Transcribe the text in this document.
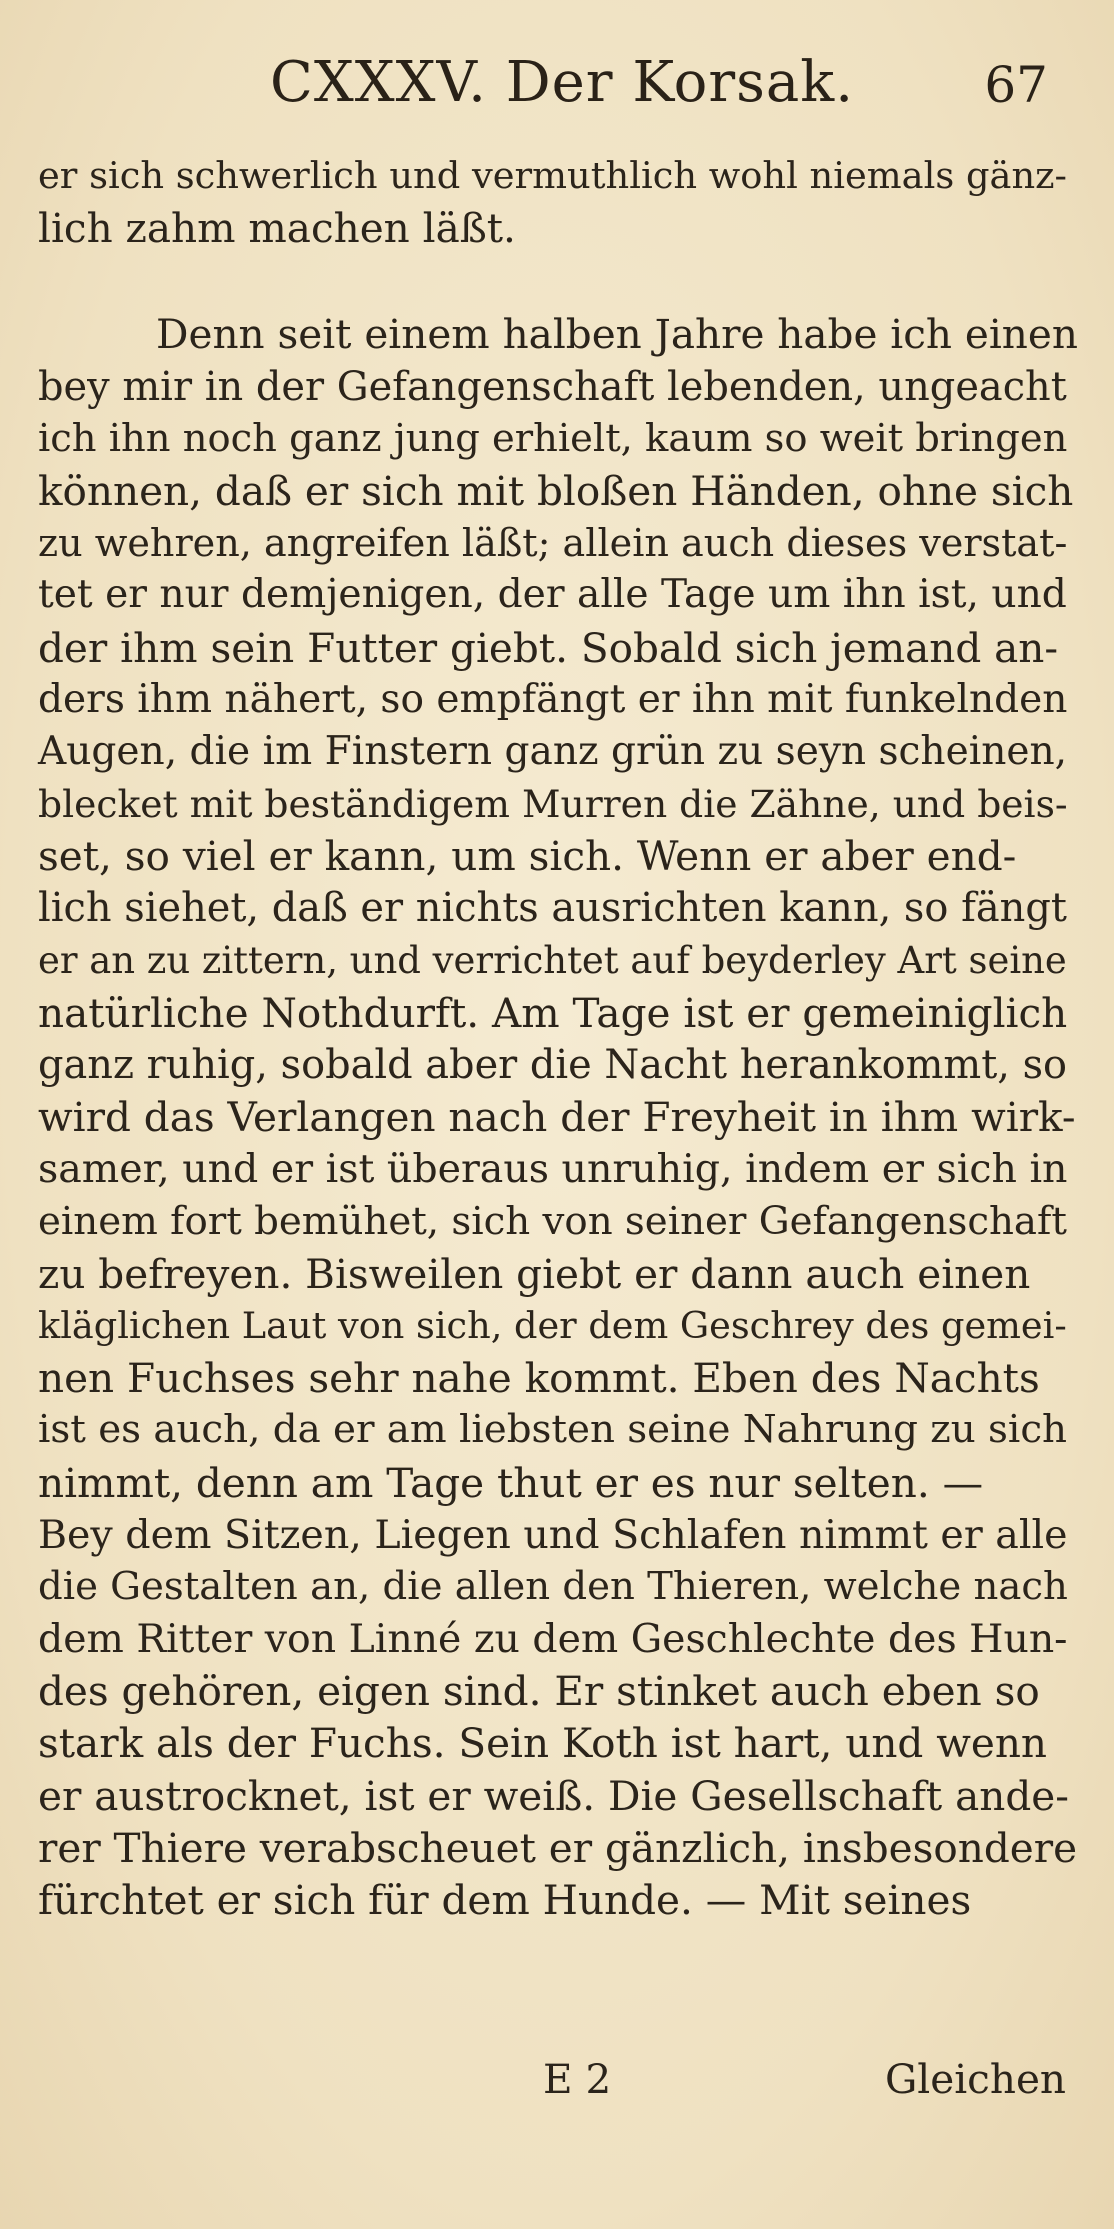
CXXXV. Der Korsak.	67
er sich schwerlich und vermuthlich wohl niemals gänz-
lich zahm machen läßt.
Denn seit einem halben Jahre habe ich einen
bey mir in der Gefangenschaft lebenden, ungeacht
ich ihn noch ganz jung erhielt, kaum so weit bringen
können, daß er sich mit bloßen Händen, ohne sich
zu wehren, angreifen läßt; allein auch dieses verstat-
tet er nur demjenigen, der alle Tage um ihn ist, und
der ihm sein Futter giebt. Sobald sich jemand an-
ders ihm nähert, so empfängt er ihn mit funkelnden
Augen, die im Finstern ganz grün zu seyn scheinen,
blecket mit beständigem Murren die Zähne, und beis-
set, so viel er kann, um sich. Wenn er aber end-
lich siehet, daß er nichts ausrichten kann, so fängt
er an zu zittern, und verrichtet auf beyderley Art seine
natürliche Nothdurft. Am Tage ist er gemeiniglich
ganz ruhig, sobald aber die Nacht herankommt, so
wird das Verlangen nach der Freyheit in ihm wirk-
samer, und er ist überaus unruhig, indem er sich in
einem fort bemühet, sich von seiner Gefangenschaft
zu befreyen. Bisweilen giebt er dann auch einen
kläglichen Laut von sich, der dem Geschrey des gemei-
nen Fuchses sehr nahe kommt. Eben des Nachts
ist es auch, da er am liebsten seine Nahrung zu sich
nimmt, denn am Tage thut er es nur selten. —
Bey dem Sitzen, Liegen und Schlafen nimmt er alle
die Gestalten an, die allen den Thieren, welche nach
dem Ritter von Linné zu dem Geschlechte des Hun-
des gehören, eigen sind. Er stinket auch eben so
stark als der Fuchs. Sein Koth ist hart, und wenn
er austrocknet, ist er weiß. Die Gesellschaft ande-
rer Thiere verabscheuet er gänzlich, insbesondere
fürchtet er sich für dem Hunde. — Mit seines
E 2	Gleichen
